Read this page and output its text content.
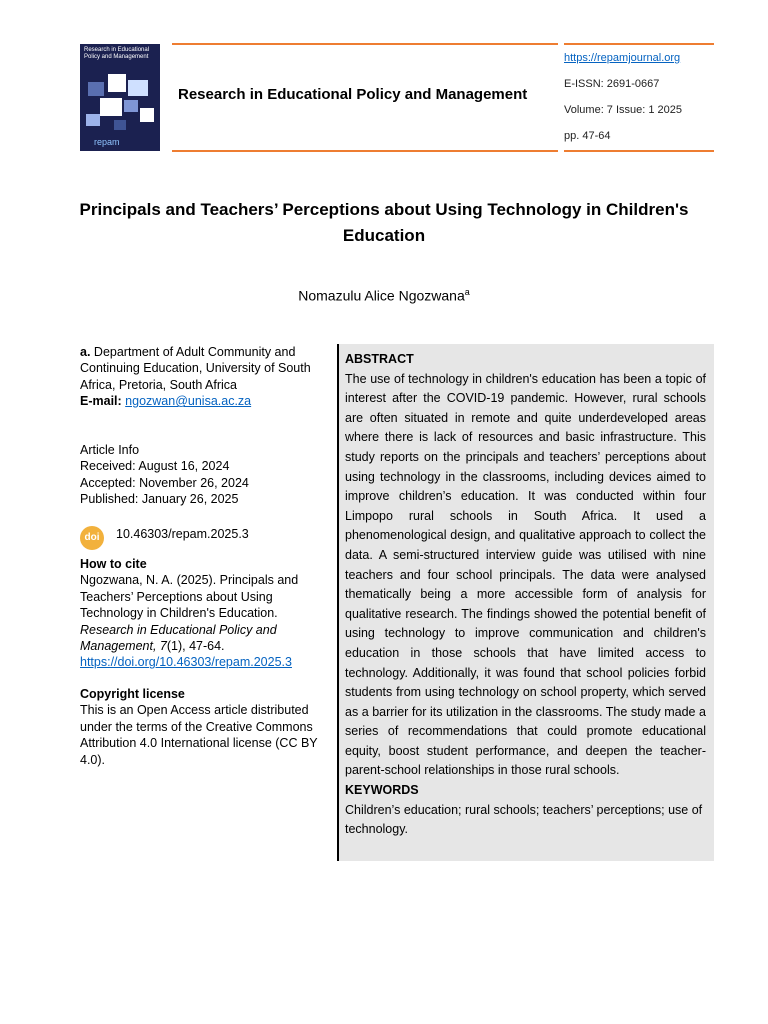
Research in Educational Policy and Management
repam
Research in Educational Policy and Management
https://repamjournal.org
E-ISSN: 2691-0667
Volume: 7 Issue: 1 2025
pp. 47-64
Principals and Teachers’ Perceptions about Using Technology in Children's Education
Nomazulu Alice Ngozwana$^a$
a. Department of Adult Community and Continuing Education, University of South Africa, Pretoria, South Africa
E-mail: ngozwan@unisa.ac.za
Article Info
Received: August 16, 2024
Accepted: November 26, 2024
Published: January 26, 2025
doi	10.46303/repam.2025.3
How to cite
Ngozwana, N. A. (2025). Principals and Teachers’ Perceptions about Using Technology in Children's Education. Research in Educational Policy and Management, 7(1), 47-64.
https://doi.org/10.46303/repam.2025.3
Copyright license
This is an Open Access article distributed under the terms of the Creative Commons Attribution 4.0 International license (CC BY 4.0).
ABSTRACT
The use of technology in children's education has been a topic of interest after the COVID-19 pandemic. However, rural schools are often situated in remote and quite underdeveloped areas where there is lack of resources and basic infrastructure. This study reports on the principals and teachers’ perceptions about using technology in the classrooms, including devices aimed to improve children’s education. It was conducted within four Limpopo rural schools in South Africa. It used a phenomenological design, and qualitative approach to collect the data. A semi-structured interview guide was utilised with nine teachers and four school principals. The data were analysed thematically being a more accessible form of analysis for qualitative research. The findings showed the potential benefit of using technology to improve communication and children's education in those schools that have limited access to technology. Additionally, it was found that school policies forbid students from using technology on school property, which served as a barrier for its utilization in the classrooms. The study made a series of recommendations that could promote educational equity, boost student performance, and deepen the teacher-parent-school relationships in those rural schools.
KEYWORDS
Children’s education; rural schools; teachers’ perceptions; use of technology.
